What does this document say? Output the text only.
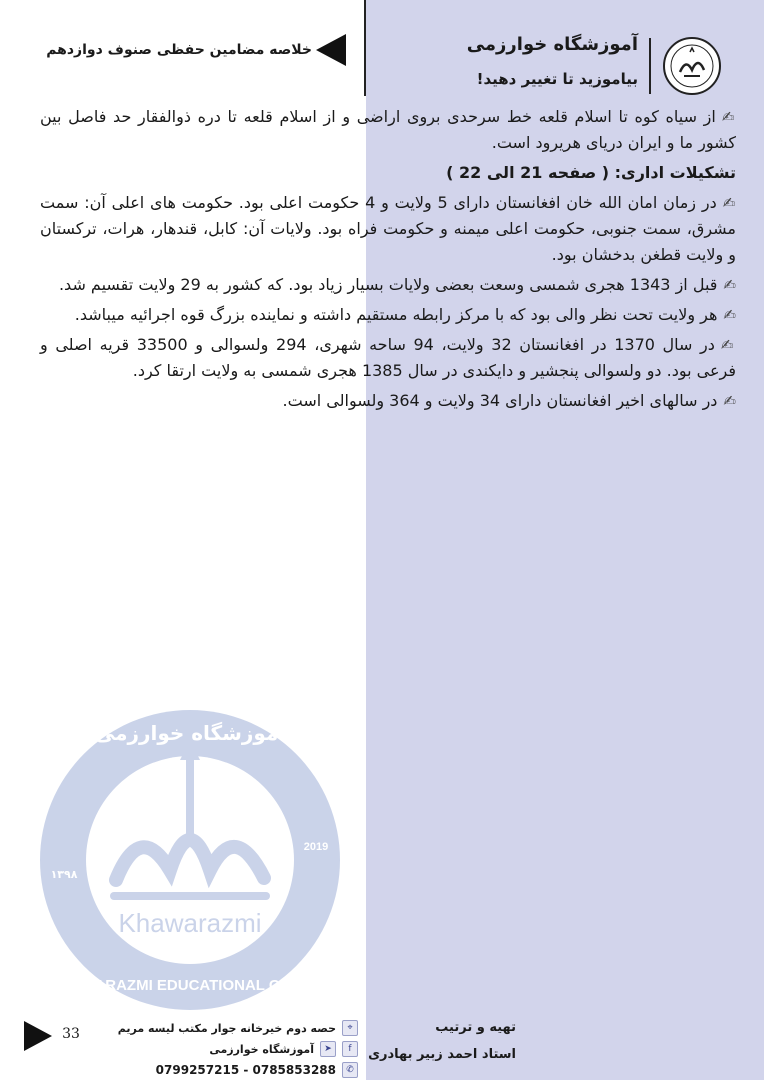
خلاصه مضامین حفظی صنوف دوازدهم	آموزشگاه خوارزمی
بیاموزید تا تغییر دهید!

✍از سیاه کوه تا اسلام قلعه خط سرحدی بروی اراضی و از اسلام قلعه تا دره ذوالفقار حد فاصل بین کشور ما و ایران دریای هریرود است.

تشکیلات اداری: ( صفحه 21 الی 22 )

✍در زمان امان الله خان افغانستان دارای 5 ولایت و 4 حکومت اعلی بود. حکومت های اعلی آن: سمت مشرق، سمت جنوبی، حکومت اعلی میمنه و حکومت فراه بود. ولایات آن: کابل، قندهار، هرات، ترکستان و ولایت قطغن بدخشان بود.

✍قبل از 1343 هجری شمسی وسعت بعضی ولایات بسیار زیاد بود. که کشور به 29 ولایت تقسیم شد.

✍هر ولایت تحت نظر والی بود که با مرکز رابطه مستقیم داشته و نماینده بزرگ قوه اجرائیه میباشد.

✍در سال 1370 در افغانستان 32 ولایت، 94 ساحه شهری، 294 ولسوالی و 33500 قریه اصلی و فرعی بود. دو ولسوالی پنجشیر و دایکندی در سال 1385 هجری شمسی به ولایت ارتقا کرد.

✍در سالهای اخیر افغانستان دارای 34 ولایت و 364 ولسوالی است.

Khawarazmi
2019
۱۳۹۸
KHAWARAZMI EDUCATIONAL CENTER
آموزشگاه خوارزمی
33	⌖
حصه دوم خیرخانه جوار مکتب لیسه مریم
f
➤
آموزشگاه خوارزمی
✆
0799257215 - 0785853288
تهیه و ترتیب
استاد احمد زبیر بهادری
